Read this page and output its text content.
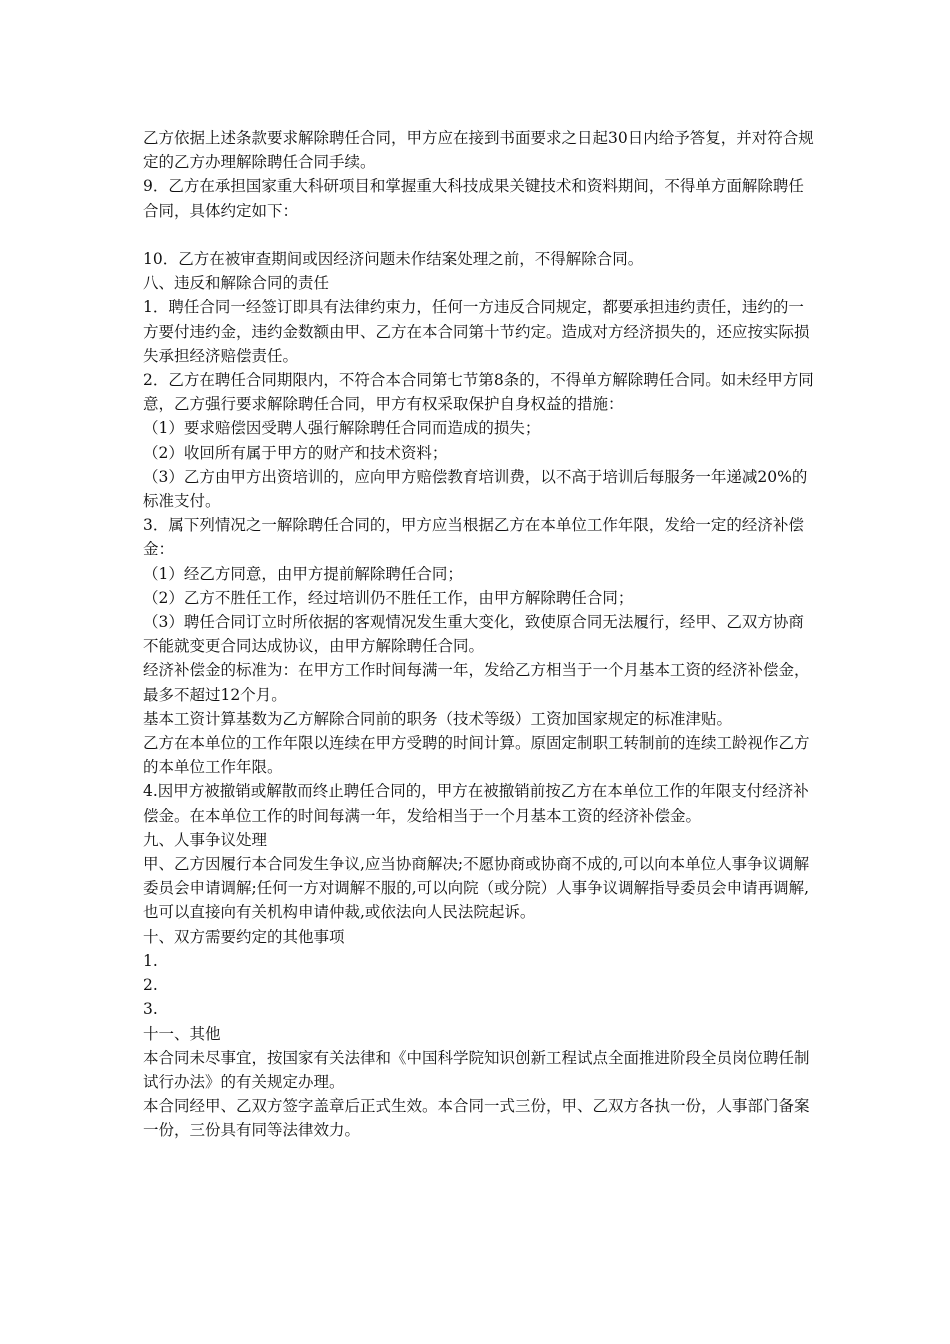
乙方依据上述条款要求解除聘任合同，甲方应在接到书面要求之日起30日内给予答复，并对符合规定的乙方办理解除聘任合同手续。

9．乙方在承担国家重大科研项目和掌握重大科技成果关键技术和资料期间，不得单方面解除聘任合同，具体约定如下：

10．乙方在被审查期间或因经济问题未作结案处理之前，不得解除合同。

八、违反和解除合同的责任

1．聘任合同一经签订即具有法律约束力，任何一方违反合同规定，都要承担违约责任，违约的一方要付违约金，违约金数额由甲、乙方在本合同第十节约定。造成对方经济损失的，还应按实际损失承担经济赔偿责任。

2．乙方在聘任合同期限内，不符合本合同第七节第8条的，不得单方解除聘任合同。如未经甲方同意，乙方强行要求解除聘任合同，甲方有权采取保护自身权益的措施：

（1）要求赔偿因受聘人强行解除聘任合同而造成的损失；

（2）收回所有属于甲方的财产和技术资料；

（3）乙方由甲方出资培训的，应向甲方赔偿教育培训费，以不高于培训后每服务一年递减20%的标准支付。

3．属下列情况之一解除聘任合同的，甲方应当根据乙方在本单位工作年限，发给一定的经济补偿金：

（1）经乙方同意，由甲方提前解除聘任合同；

（2）乙方不胜任工作，经过培训仍不胜任工作，由甲方解除聘任合同；

（3）聘任合同订立时所依据的客观情况发生重大变化，致使原合同无法履行，经甲、乙双方协商不能就变更合同达成协议，由甲方解除聘任合同。

经济补偿金的标准为：在甲方工作时间每满一年，发给乙方相当于一个月基本工资的经济补偿金，最多不超过12个月。

基本工资计算基数为乙方解除合同前的职务（技术等级）工资加国家规定的标准津贴。

乙方在本单位的工作年限以连续在甲方受聘的时间计算。原固定制职工转制前的连续工龄视作乙方的本单位工作年限。

4.因甲方被撤销或解散而终止聘任合同的，甲方在被撤销前按乙方在本单位工作的年限支付经济补偿金。在本单位工作的时间每满一年，发给相当于一个月基本工资的经济补偿金。

九、人事争议处理

甲、乙方因履行本合同发生争议,应当协商解决;不愿协商或协商不成的,可以向本单位人事争议调解委员会申请调解;任何一方对调解不服的,可以向院（或分院）人事争议调解指导委员会申请再调解,也可以直接向有关机构申请仲裁,或依法向人民法院起诉。

十、双方需要约定的其他事项

1.

2.

3.

十一、其他

本合同未尽事宜，按国家有关法律和《中国科学院知识创新工程试点全面推进阶段全员岗位聘任制试行办法》的有关规定办理。

本合同经甲、乙双方签字盖章后正式生效。本合同一式三份，甲、乙双方各执一份，人事部门备案一份，三份具有同等法律效力。
